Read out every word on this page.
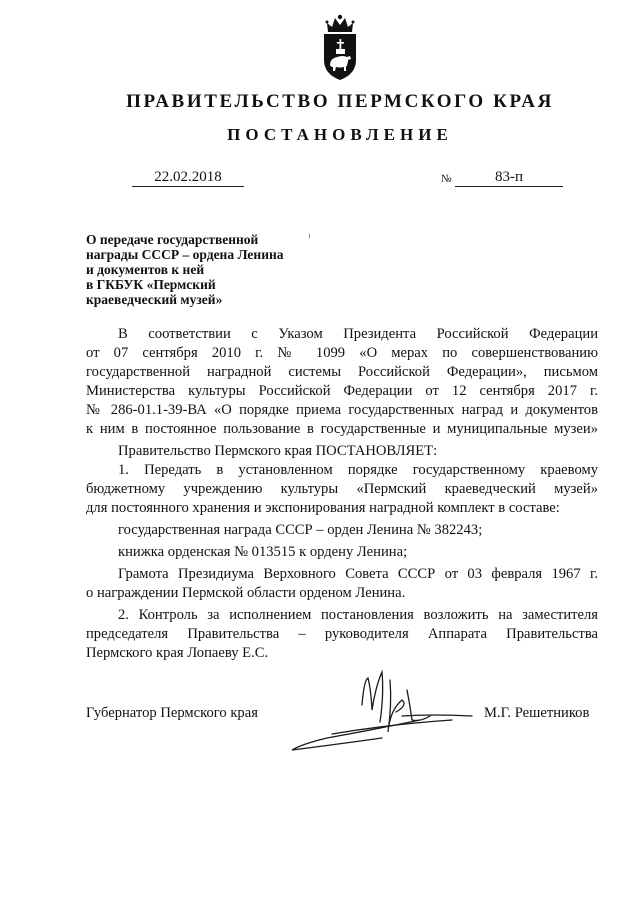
ПРАВИТЕЛЬСТВО ПЕРМСКОГО КРАЯ
ПОСТАНОВЛЕНИЕ
22.02.2018	№	83-п
О передаче государственной
награды СССР – ордена Ленина
и документов к ней
в ГКБУК «Пермский
краеведческий музей»
⁾

В соответствии с Указом Президента Российской Федерации

от 07 сентября 2010 г. № 1099 «О мерах по совершенствованию

государственной наградной системы Российской Федерации», письмом

Министерства культуры Российской Федерации от 12 сентября 2017 г.

№ 286-01.1-39-ВА «О порядке приема государственных наград и документов

к ним в постоянное пользование в государственные и муниципальные музеи»

Правительство Пермского края ПОСТАНОВЛЯЕТ:

1. Передать в установленном порядке государственному краевому

бюджетному учреждению культуры «Пермский краеведческий музей»

для постоянного хранения и экспонирования наградной комплект в составе:

государственная награда СССР – орден Ленина № 382243;

книжка орденская № 013515 к ордену Ленина;

Грамота Президиума Верховного Совета СССР от 03 февраля 1967 г.

о награждении Пермской области орденом Ленина.

2. Контроль за исполнением постановления возложить на заместителя

председателя Правительства – руководителя Аппарата Правительства

Пермского края Лопаеву Е.С.

Губернатор Пермского края	М.Г. Решетников
